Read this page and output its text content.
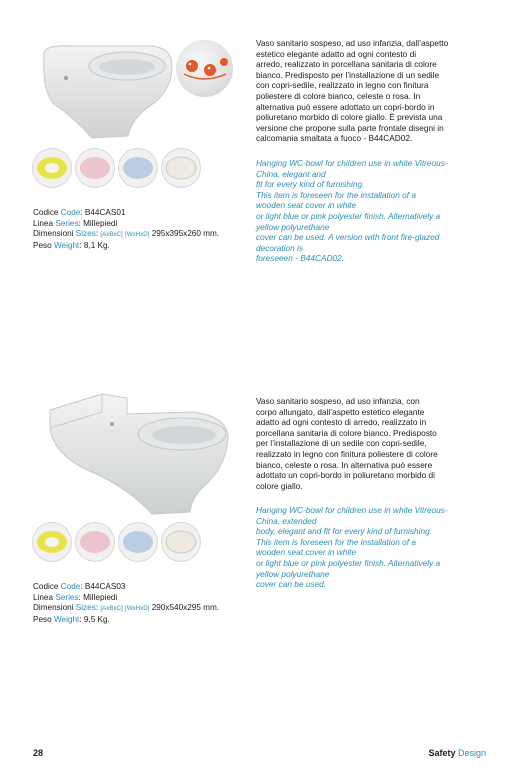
Codice Code: B44CAS01
Linea Series: Millepiedi
Dimensioni Sizes: [AxBxC] [WxHxD] 295x395x260 mm.
Peso Weight: 8,1 Kg.
Vaso sanitario sospeso, ad uso infanzia, dall’aspetto
estetico elegante adatto ad ogni contesto di
arredo, realizzato in porcellana sanitaria di colore
bianco. Predisposto per l’installazione di un sedile
con copri-sedile, realizzato in legno con finitura
poliestere di colore bianco, celeste o rosa. In
alternativa può essere adottato un copri-bordo in
poliuretano morbido di colore giallo. È prevista una
versione che propone sulla parte frontale disegni in
calcomania smaltata a fuoco - B44CAD02.
Hanging WC-bowl for children use in white Vitreous-
China, elegant and
fit for every kind of furnishing.
This item is foreseen for the installation of a
wooden seat cover in white
or light blue or pink polyester finish. Alternatively a
yellow polyurethane
cover can be used. A version with front fire-glazed
decoration is
foreseeen - B44CAD02.
Codice Code: B44CAS03
Linea Series: Millepiedi
Dimensioni Sizes: [AxBxC] [WxHxD] 290x540x295 mm.
Peso Weight: 9,5 Kg.
Vaso sanitario sospeso, ad uso infanzia, con
corpo allungato, dall’aspetto estetico elegante
adatto ad ogni contesto di arredo, realizzato in
porcellana sanitaria di colore bianco. Predisposto
per l’installazione di un sedile con copri-sedile,
realizzato in legno con finitura poliestere di colore
bianco, celeste o rosa. In alternativa può essere
adottato un copri-bordo in poliuretano morbido di
colore giallo.
Hanging WC-bowl for children use in white Vitreous-
China, extended
body, elegant and fit for every kind of furnishing.
This item is foreseen for the installation of a
wooden seat cover in white
or light blue or pink polyester finish. Alternatively a
yellow polyurethane
cover can be used.
28	Safety Design
